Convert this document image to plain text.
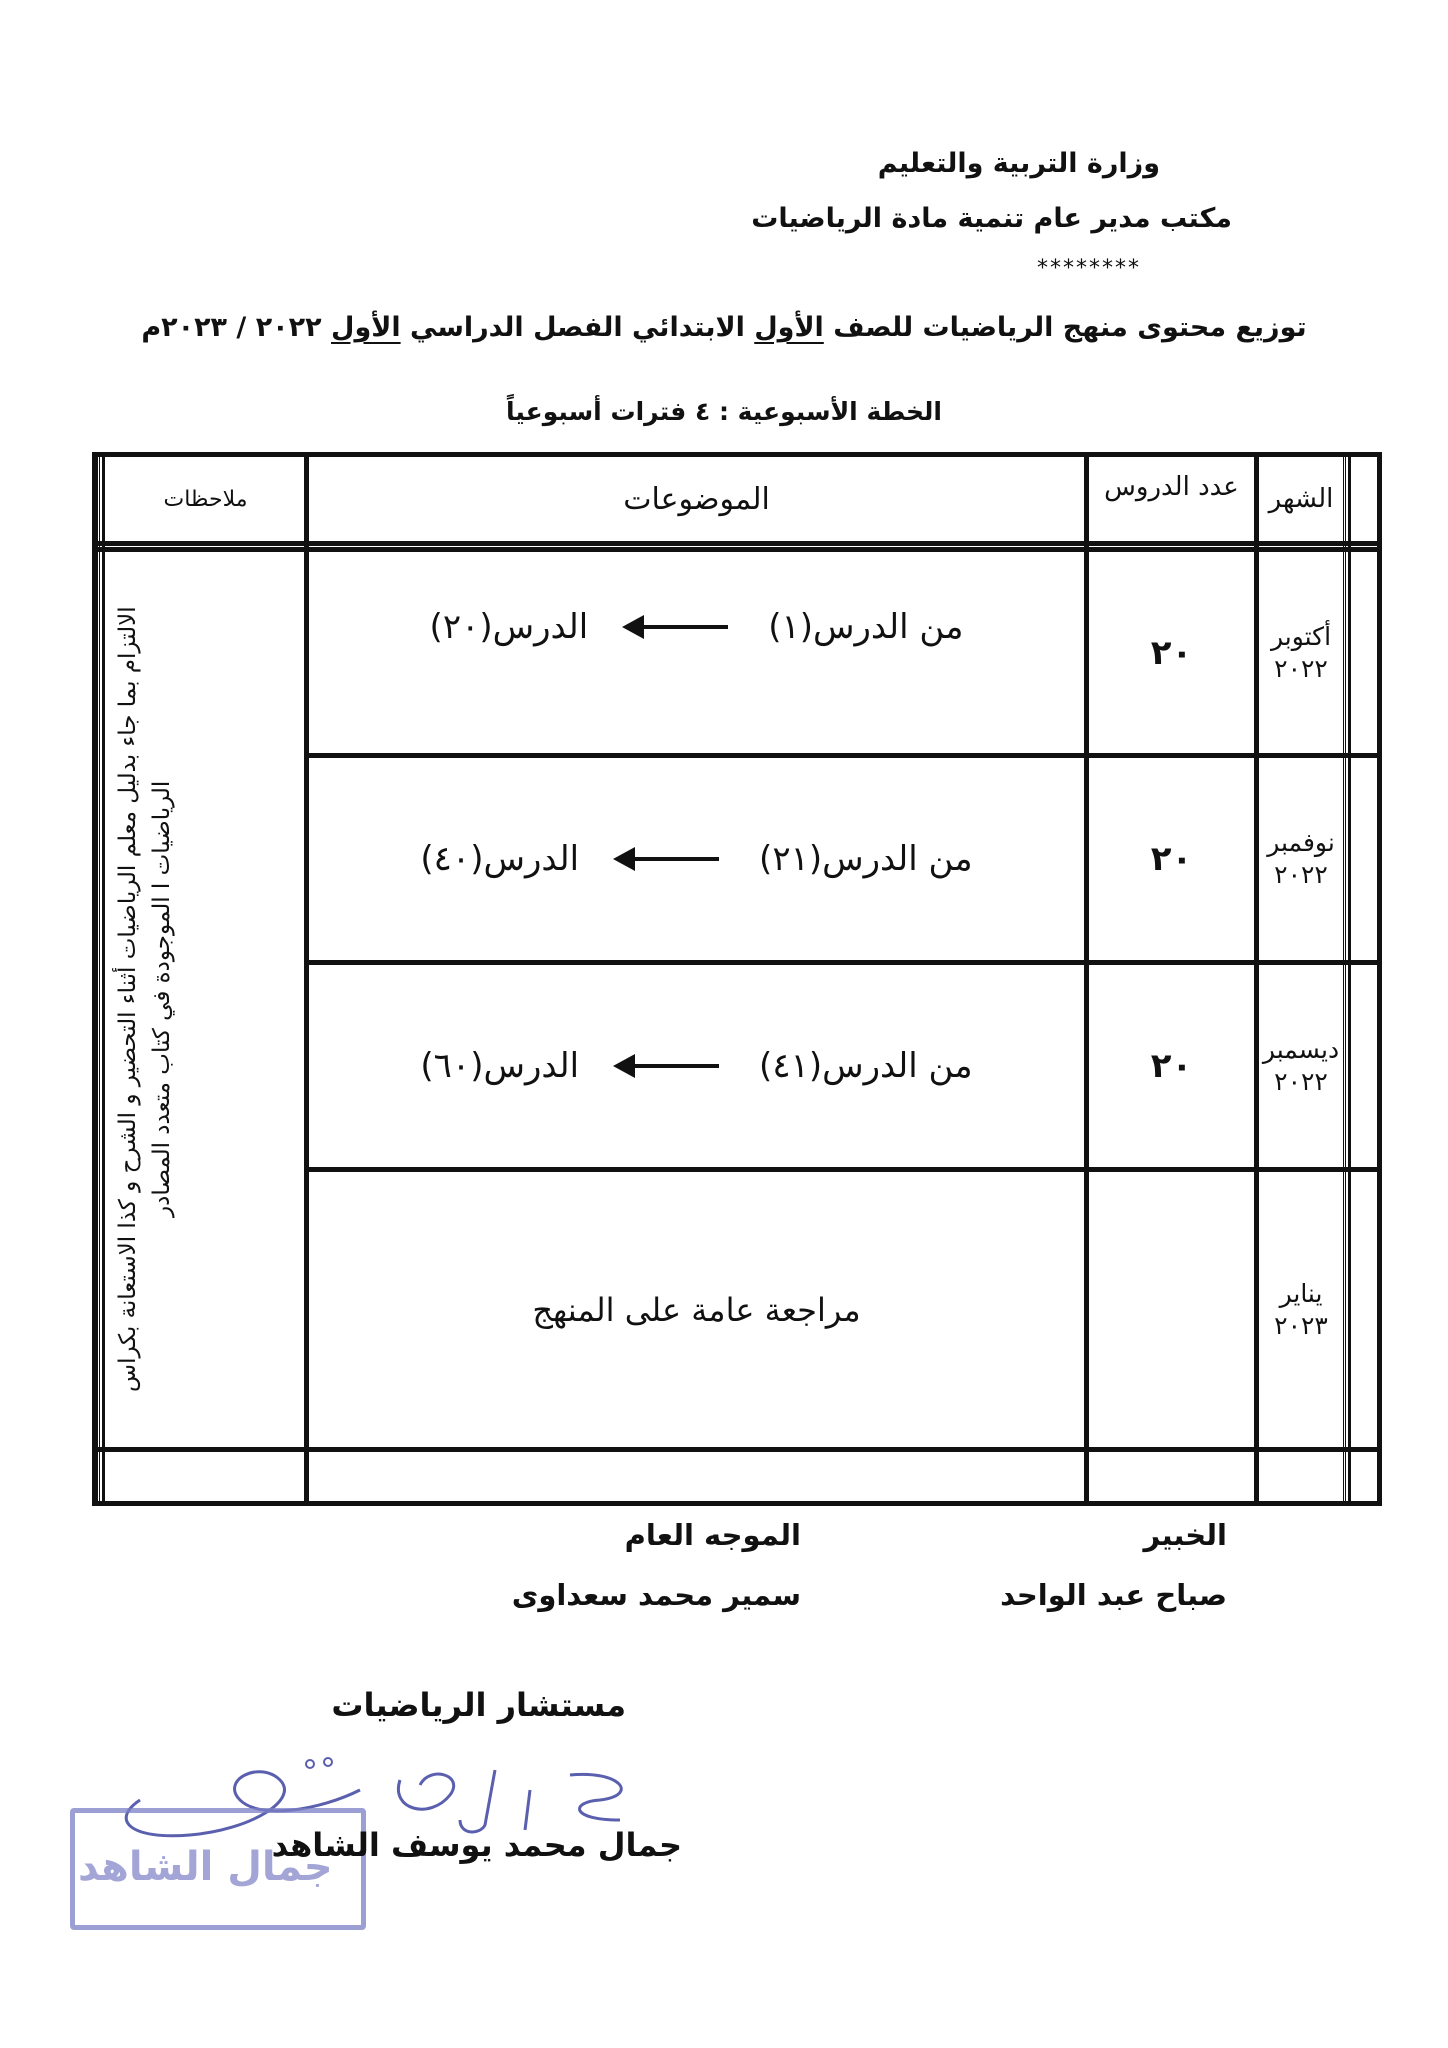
وزارة التربية والتعليم
مكتب مدير عام تنمية مادة الرياضيات
********
توزيع محتوى منهج الرياضيات للصف الأول الابتدائي الفصل الدراسي الأول ٢٠٢٢ / ٢٠٢٣م
الخطة الأسبوعية : ٤ فترات أسبوعياً
الشهر
عدد الدروس
الموضوعات
ملاحظات
أكتوبر
٢٠٢٢
٢٠
من الدرس(١)
الدرس(٢٠)
نوفمبر
٢٠٢٢
٢٠
من الدرس(٢١)
الدرس(٤٠)
ديسمبر
٢٠٢٢
٢٠
من الدرس(٤١)
الدرس(٦٠)
يناير
٢٠٢٣
مراجعة عامة على المنهج
الالتزام بما جاء بدليل معلم الرياضيات أثناء التحضير و الشرح و كذا الاستعانة بكراس الرياضيات ا الموجودة في كتاب متعدد المصادر
الخبير
صباح عبد الواحد
الموجه العام
سمير محمد سعداوى
مستشار الرياضيات
جمال الشاهد
جمال محمد يوسف الشاهد
